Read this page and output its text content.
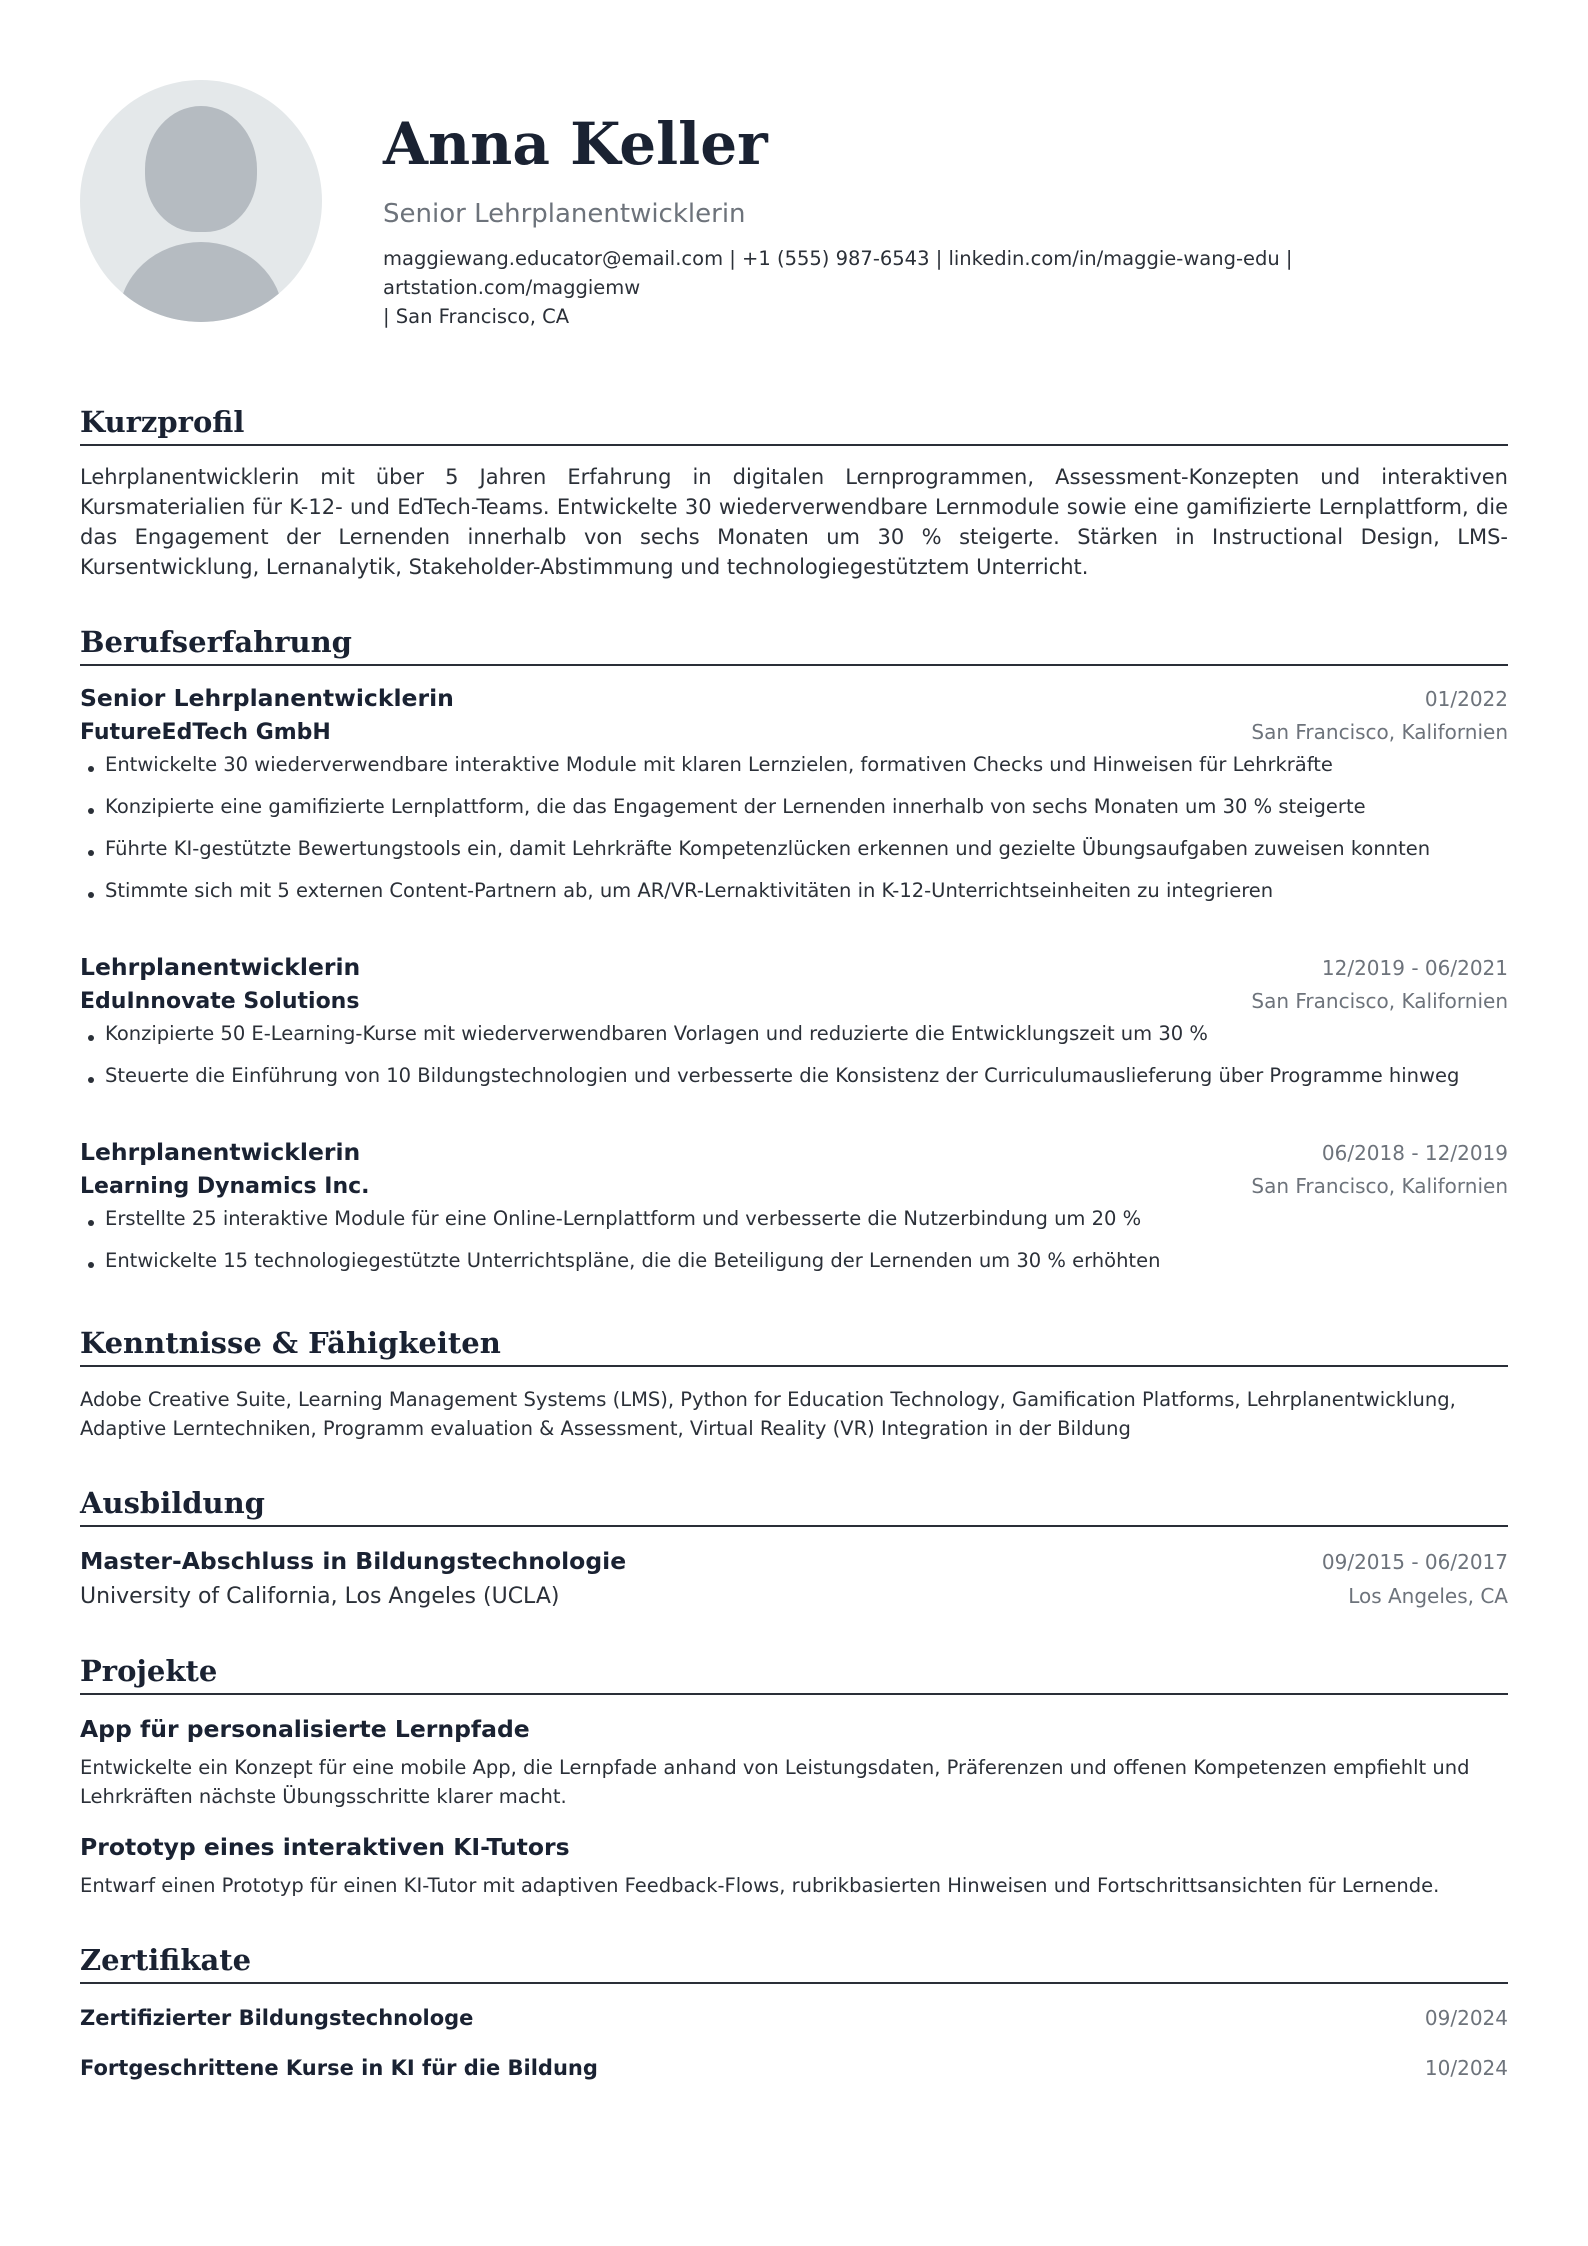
Anna Keller
Senior Lehrplanentwicklerin
maggiewang.educator@email.com | +1 (555) 987-6543 | linkedin.com/in/maggie-wang-edu | artstation.com/maggiemw
| San Francisco, CA
Kurzprofil
Lehrplanentwicklerin mit über 5 Jahren Erfahrung in digitalen Lernprogrammen, Assessment-Konzepten und interaktiven Kursmaterialien für K-12- und EdTech-Teams. Entwickelte 30 wiederverwendbare Lernmodule sowie eine gamifizierte Lernplattform, die das Engagement der Lernenden innerhalb von sechs Monaten um 30 % steigerte. Stärken in Instructional Design, LMS-Kursentwicklung, Lernanalytik, Stakeholder-Abstimmung und technologiegestütztem Unterricht.
Berufserfahrung
Senior Lehrplanentwicklerin	01/2022
FutureEdTech GmbH	San Francisco, Kalifornien
Entwickelte 30 wiederverwendbare interaktive Module mit klaren Lernzielen, formativen Checks und Hinweisen für Lehrkräfte
Konzipierte eine gamifizierte Lernplattform, die das Engagement der Lernenden innerhalb von sechs Monaten um 30 % steigerte
Führte KI-gestützte Bewertungstools ein, damit Lehrkräfte Kompetenzlücken erkennen und gezielte Übungsaufgaben zuweisen konnten
Stimmte sich mit 5 externen Content-Partnern ab, um AR/VR-Lernaktivitäten in K-12-Unterrichtseinheiten zu integrieren
Lehrplanentwicklerin	12/2019 - 06/2021
EduInnovate Solutions	San Francisco, Kalifornien
Konzipierte 50 E-Learning-Kurse mit wiederverwendbaren Vorlagen und reduzierte die Entwicklungszeit um 30 %
Steuerte die Einführung von 10 Bildungstechnologien und verbesserte die Konsistenz der Curriculumauslieferung über Programme hinweg
Lehrplanentwicklerin	06/2018 - 12/2019
Learning Dynamics Inc.	San Francisco, Kalifornien
Erstellte 25 interaktive Module für eine Online-Lernplattform und verbesserte die Nutzerbindung um 20 %
Entwickelte 15 technologiegestützte Unterrichtspläne, die die Beteiligung der Lernenden um 30 % erhöhten
Kenntnisse & Fähigkeiten
Adobe Creative Suite, Learning Management Systems (LMS), Python for Education Technology, Gamification Platforms, Lehrplanentwicklung, Adaptive Lerntechniken, Programm evaluation & Assessment, Virtual Reality (VR) Integration in der Bildung
Ausbildung
Master-Abschluss in Bildungstechnologie	09/2015 - 06/2017
University of California, Los Angeles (UCLA)	Los Angeles, CA
Projekte
App für personalisierte Lernpfade
Entwickelte ein Konzept für eine mobile App, die Lernpfade anhand von Leistungsdaten, Präferenzen und offenen Kompetenzen empfiehlt und Lehrkräften nächste Übungsschritte klarer macht.
Prototyp eines interaktiven KI-Tutors
Entwarf einen Prototyp für einen KI-Tutor mit adaptiven Feedback-Flows, rubrikbasierten Hinweisen und Fortschrittsansichten für Lernende.
Zertifikate
Zertifizierter Bildungstechnologe	09/2024
Fortgeschrittene Kurse in KI für die Bildung	10/2024
